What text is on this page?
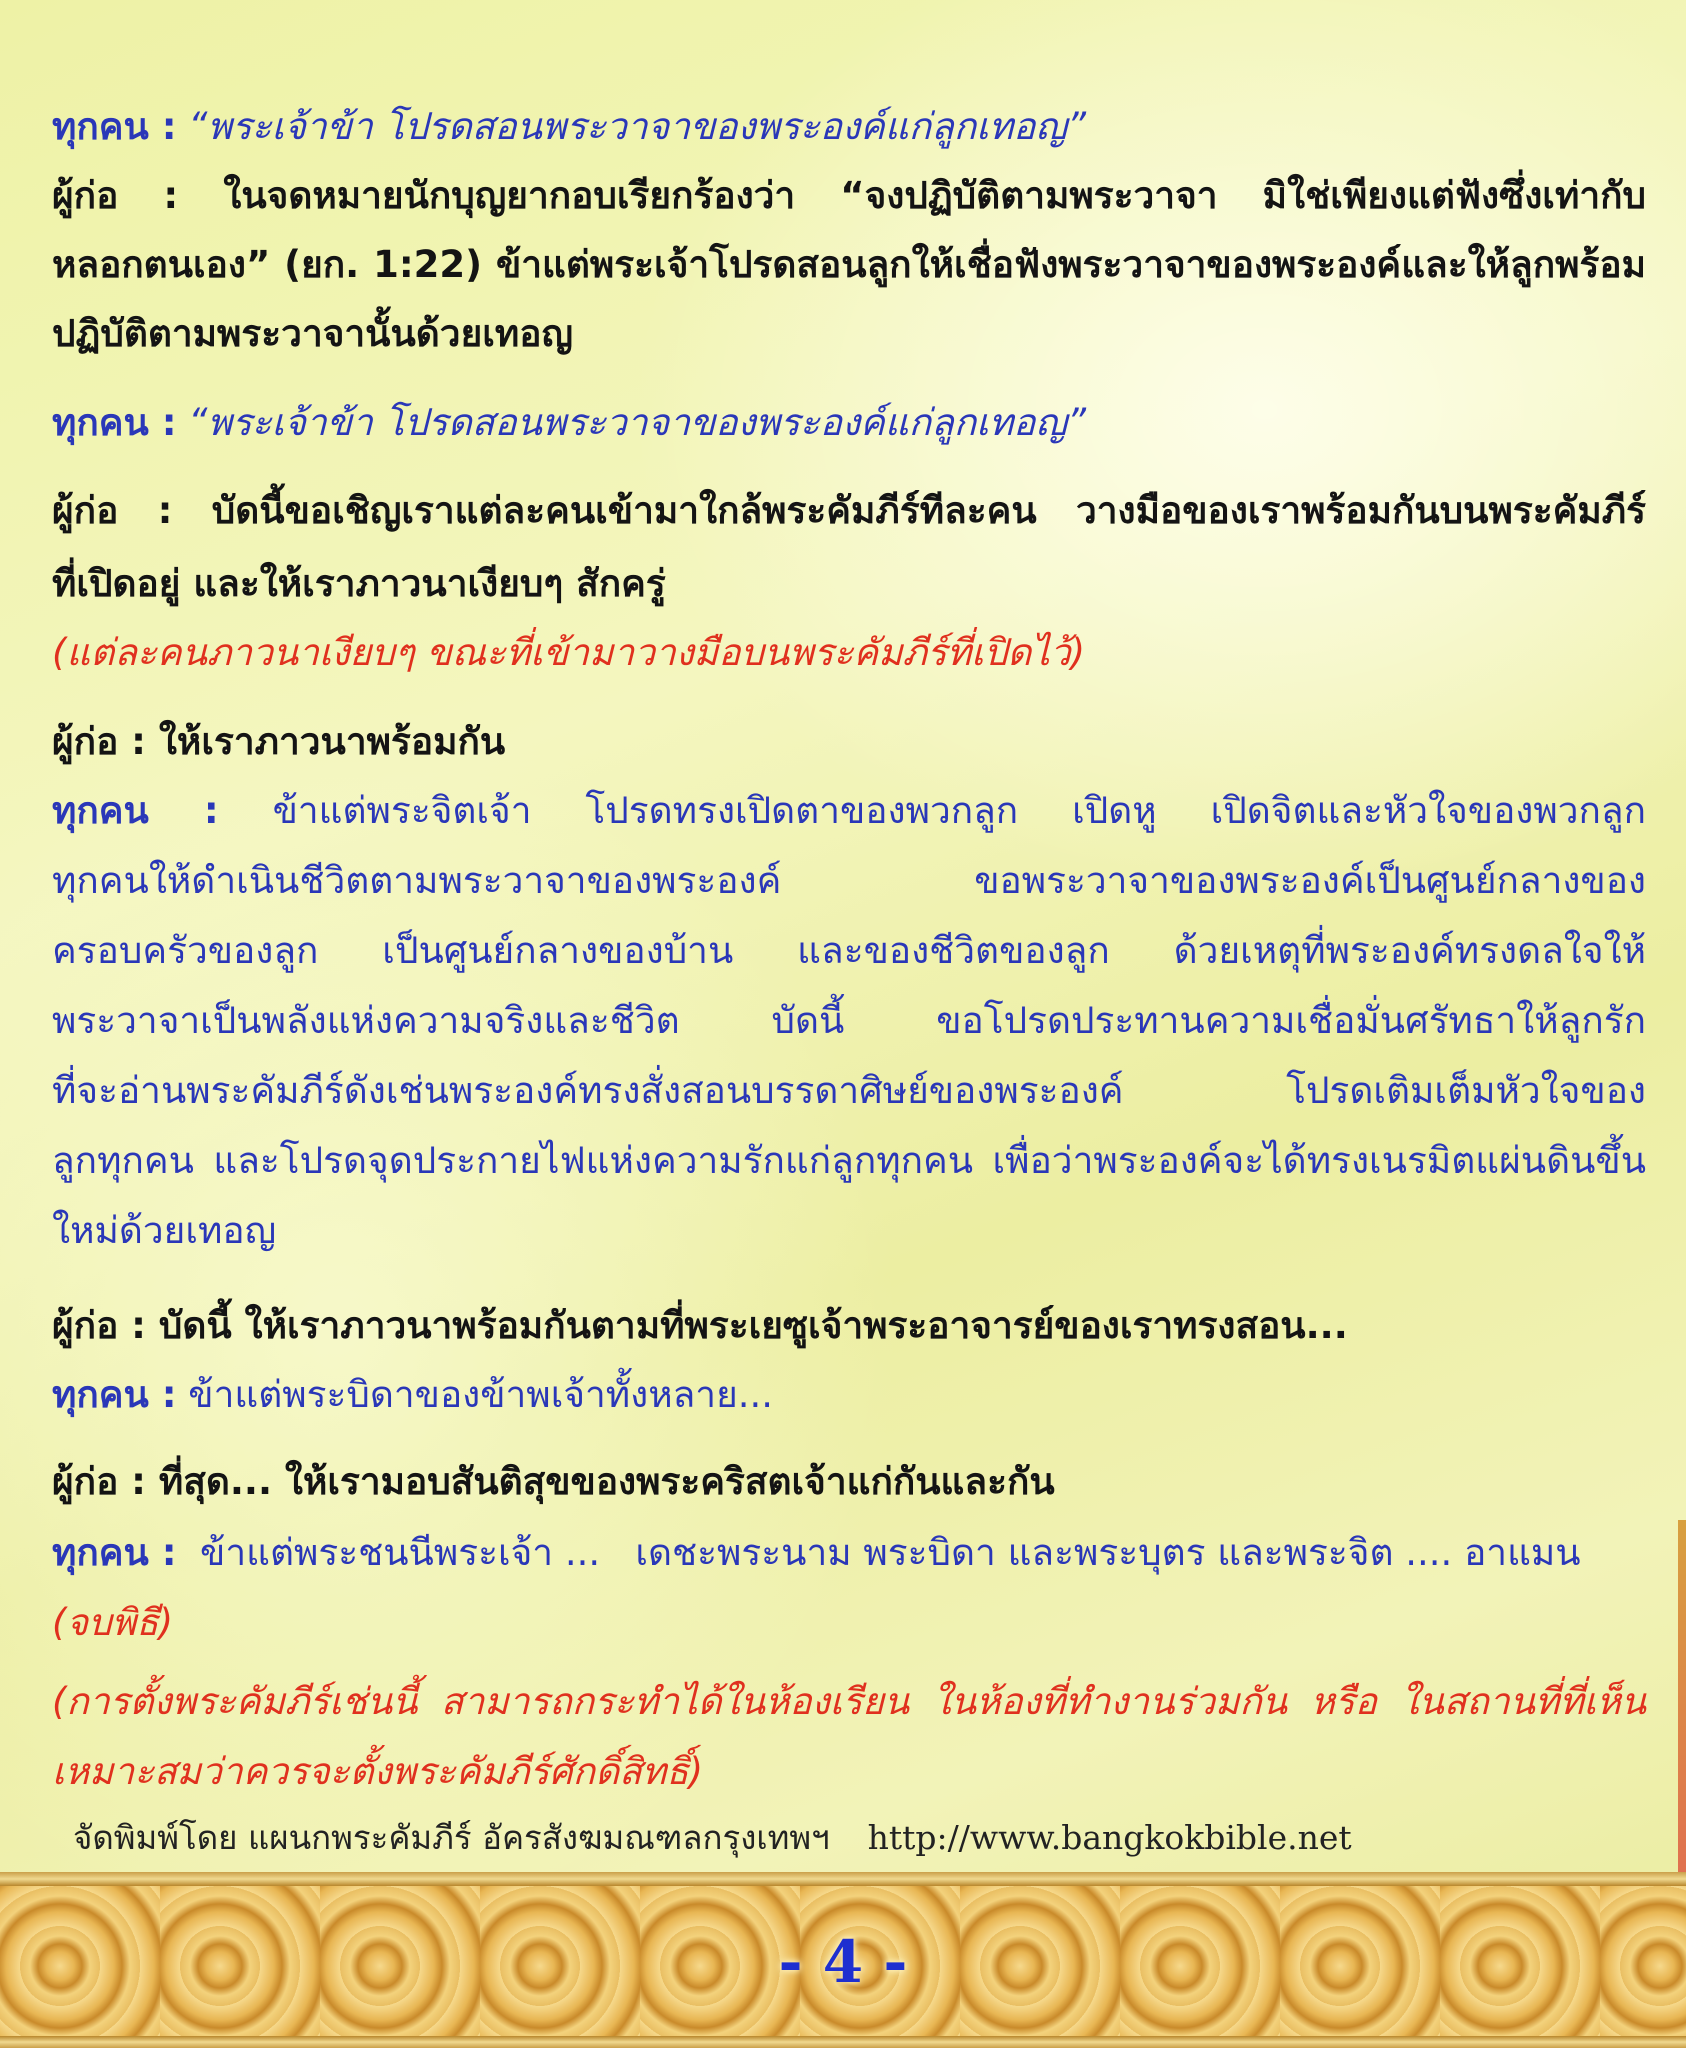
ทุกคน : “พระเจ้าข้า โปรดสอนพระวาจาของพระองค์แก่ลูกเทอญ”
ผู้ก่อ : ในจดหมายนักบุญยากอบเรียกร้องว่า “จงปฏิบัติตามพระวาจา มิใช่เพียงแต่ฟังซึ่งเท่ากับ
หลอกตนเอง” (ยก. 1:22) ข้าแต่พระเจ้าโปรดสอนลูกให้เชื่อฟังพระวาจาของพระองค์และให้ลูกพร้อม
ปฏิบัติตามพระวาจานั้นด้วยเทอญ
ทุกคน : “พระเจ้าข้า โปรดสอนพระวาจาของพระองค์แก่ลูกเทอญ”
ผู้ก่อ : บัดนี้ขอเชิญเราแต่ละคนเข้ามาใกล้พระคัมภีร์ทีละคน วางมือของเราพร้อมกันบนพระคัมภีร์
ที่เปิดอยู่ และให้เราภาวนาเงียบๆ สักครู่
(แต่ละคนภาวนาเงียบๆ ขณะที่เข้ามาวางมือบนพระคัมภีร์ที่เปิดไว้)
ผู้ก่อ : ให้เราภาวนาพร้อมกัน
ทุกคน : ข้าแต่พระจิตเจ้า โปรดทรงเปิดตาของพวกลูก เปิดหู เปิดจิตและหัวใจของพวกลูก
ทุกคนให้ดำเนินชีวิตตามพระวาจาของพระองค์ ขอพระวาจาของพระองค์เป็นศูนย์กลางของ
ครอบครัวของลูก เป็นศูนย์กลางของบ้าน และของชีวิตของลูก ด้วยเหตุที่พระองค์ทรงดลใจให้
พระวาจาเป็นพลังแห่งความจริงและชีวิต บัดนี้ ขอโปรดประทานความเชื่อมั่นศรัทธาให้ลูกรัก
ที่จะอ่านพระคัมภีร์ดังเช่นพระองค์ทรงสั่งสอนบรรดาศิษย์ของพระองค์ โปรดเติมเต็มหัวใจของ
ลูกทุกคน และโปรดจุดประกายไฟแห่งความรักแก่ลูกทุกคน เพื่อว่าพระองค์จะได้ทรงเนรมิตแผ่นดินขึ้น
ใหม่ด้วยเทอญ
ผู้ก่อ : บัดนี้ ให้เราภาวนาพร้อมกันตามที่พระเยซูเจ้าพระอาจารย์ของเราทรงสอน...
ทุกคน : ข้าแต่พระบิดาของข้าพเจ้าทั้งหลาย...
ผู้ก่อ : ที่สุด... ให้เรามอบสันติสุขของพระคริสตเจ้าแก่กันและกัน
ทุกคน :  ข้าแต่พระชนนีพระเจ้า ...   เดชะพระนาม พระบิดา และพระบุตร และพระจิต .... อาแมน
(จบพิธี)
(การตั้งพระคัมภีร์เช่นนี้ สามารถกระทำได้ในห้องเรียน ในห้องที่ทำงานร่วมกัน หรือ ในสถานที่ที่เห็น
เหมาะสมว่าควรจะตั้งพระคัมภีร์ศักดิ์สิทธิ์)
จัดพิมพ์โดย แผนกพระคัมภีร์ อัครสังฆมณฑลกรุงเทพฯ http://www.bangkokbible.net
- 4 -
